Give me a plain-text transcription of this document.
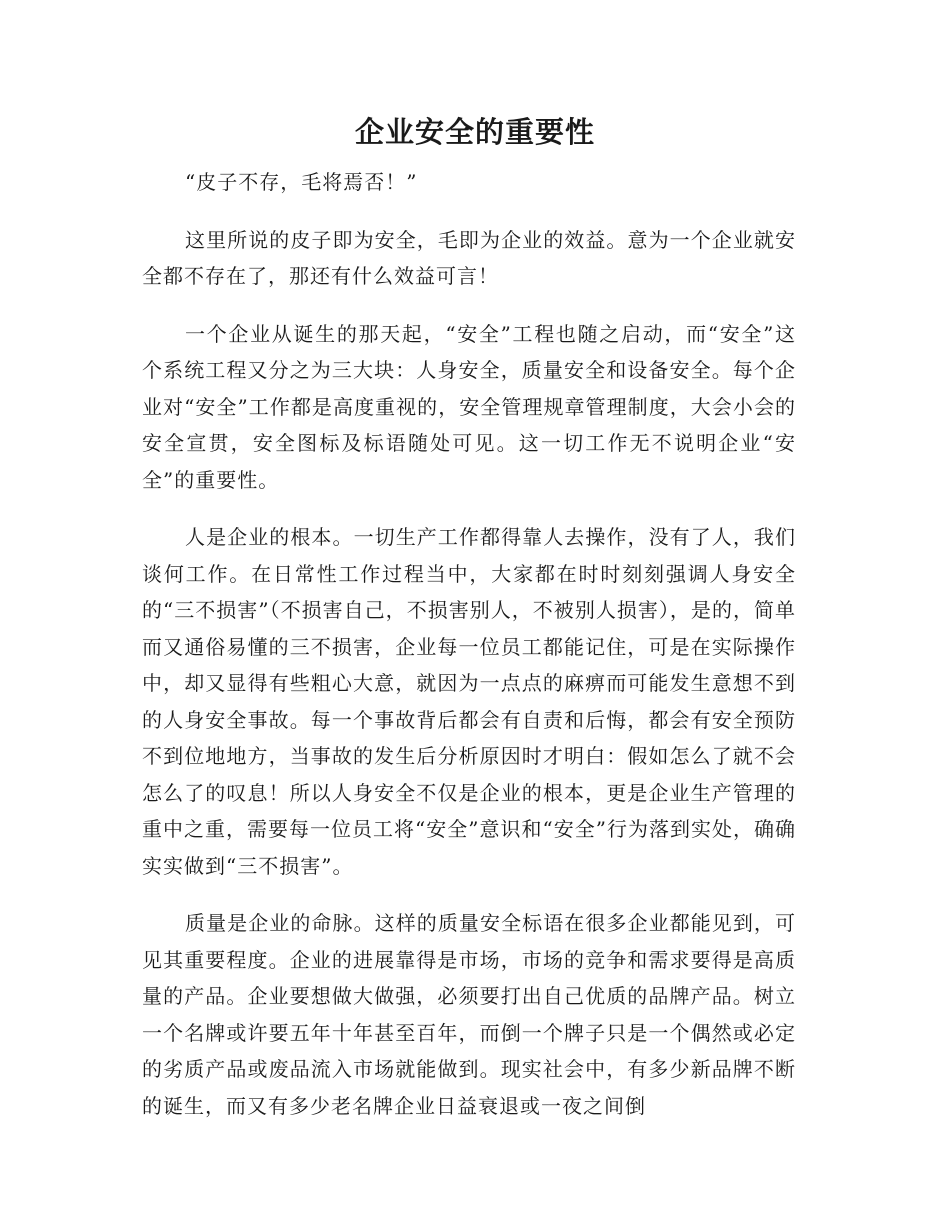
企业安全的重要性

“皮子不存，毛将焉否！”

这里所说的皮子即为安全，毛即为企业的效益。意为一个企业就安全都不存在了，那还有什么效益可言！

一个企业从诞生的那天起，“安全”工程也随之启动，而“安全”这个系统工程又分之为三大块：人身安全，质量安全和设备安全。每个企业对“安全”工作都是高度重视的，安全管理规章管理制度，大会小会的安全宣贯，安全图标及标语随处可见。这一切工作无不说明企业“安全”的重要性。

人是企业的根本。一切生产工作都得靠人去操作，没有了人，我们谈何工作。在日常性工作过程当中，大家都在时时刻刻强调人身安全的“三不损害”（不损害自己，不损害别人，不被别人损害），是的，简单而又通俗易懂的三不损害，企业每一位员工都能记住，可是在实际操作中，却又显得有些粗心大意，就因为一点点的麻痹而可能发生意想不到的人身安全事故。每一个事故背后都会有自责和后悔，都会有安全预防不到位地地方，当事故的发生后分析原因时才明白：假如怎么了就不会怎么了的叹息！所以人身安全不仅是企业的根本，更是企业生产管理的重中之重，需要每一位员工将“安全”意识和“安全”行为落到实处，确确实实做到“三不损害”。

质量是企业的命脉。这样的质量安全标语在很多企业都能见到，可见其重要程度。企业的进展靠得是市场，市场的竞争和需求要得是高质量的产品。企业要想做大做强，必须要打出自己优质的品牌产品。树立一个名牌或许要五年十年甚至百年，而倒一个牌子只是一个偶然或必定的劣质产品或废品流入市场就能做到。现实社会中，有多少新品牌不断的诞生，而又有多少老名牌企业日益衰退或一夜之间倒
